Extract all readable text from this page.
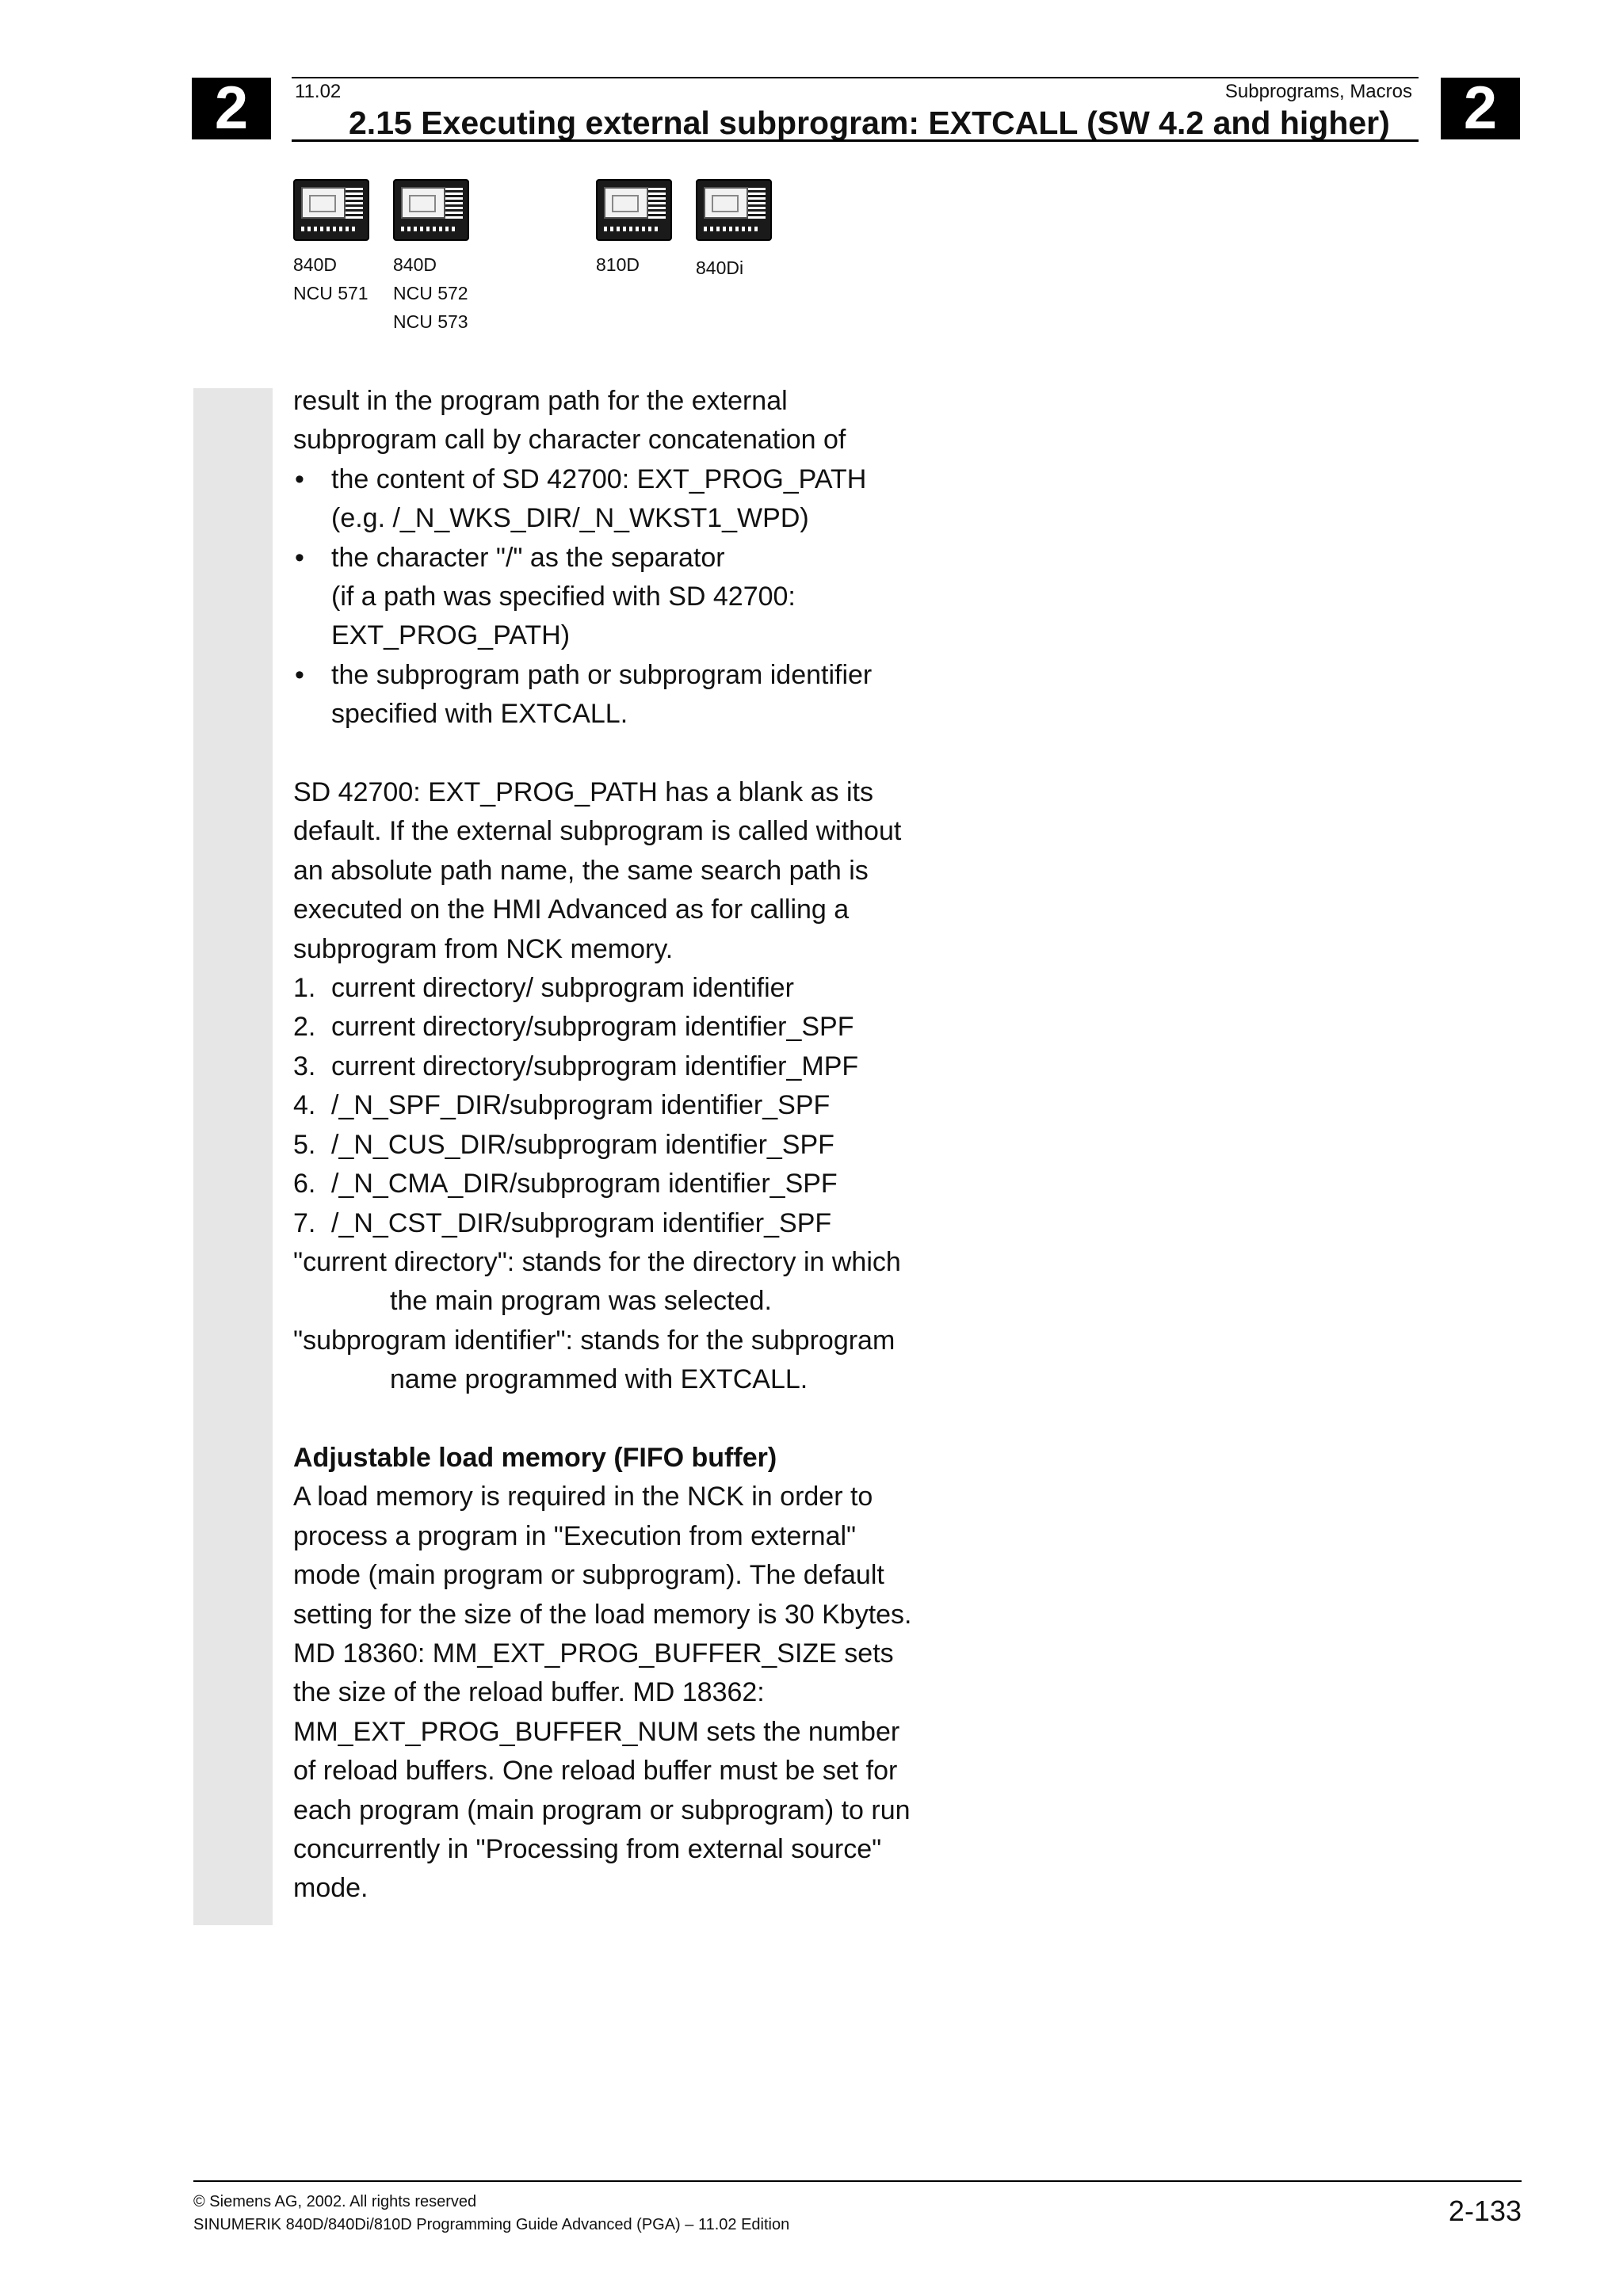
2	2
11.02	Subprograms, Macros
2.15 Executing external subprogram: EXTCALL (SW 4.2 and higher)
840D
NCU 571
840D
NCU 572
NCU 573
810D	840Di
result in the program path for the external
subprogram call by character concatenation of
• the content of SD 42700: EXT_PROG_PATH
(e.g. /_N_WKS_DIR/_N_WKST1_WPD)
• the character "/" as the separator
(if a path was specified with SD 42700:
EXT_PROG_PATH)
• the subprogram path or subprogram identifier
specified with EXTCALL.
SD 42700: EXT_PROG_PATH has a blank as its
default. If the external subprogram is called without
an absolute path name, the same search path is
executed on the HMI Advanced as for calling a
subprogram from NCK memory.
1. current directory/ subprogram identifier
2. current directory/subprogram identifier_SPF
3. current directory/subprogram identifier_MPF
4. /_N_SPF_DIR/subprogram identifier_SPF
5. /_N_CUS_DIR/subprogram identifier_SPF
6. /_N_CMA_DIR/subprogram identifier_SPF
7. /_N_CST_DIR/subprogram identifier_SPF
"current directory": stands for the directory in which
the main program was selected.
"subprogram identifier": stands for the subprogram
name programmed with EXTCALL.
Adjustable load memory (FIFO buffer)
A load memory is required in the NCK in order to
process a program in "Execution from external"
mode (main program or subprogram). The default
setting for the size of the load memory is 30 Kbytes.
MD 18360: MM_EXT_PROG_BUFFER_SIZE sets
the size of the reload buffer. MD 18362:
MM_EXT_PROG_BUFFER_NUM sets the number
of reload buffers. One reload buffer must be set for
each program (main program or subprogram) to run
concurrently in "Processing from external source"
mode.
© Siemens AG, 2002. All rights reserved
SINUMERIK 840D/840Di/810D Programming Guide Advanced (PGA) – 11.02 Edition	2-133
